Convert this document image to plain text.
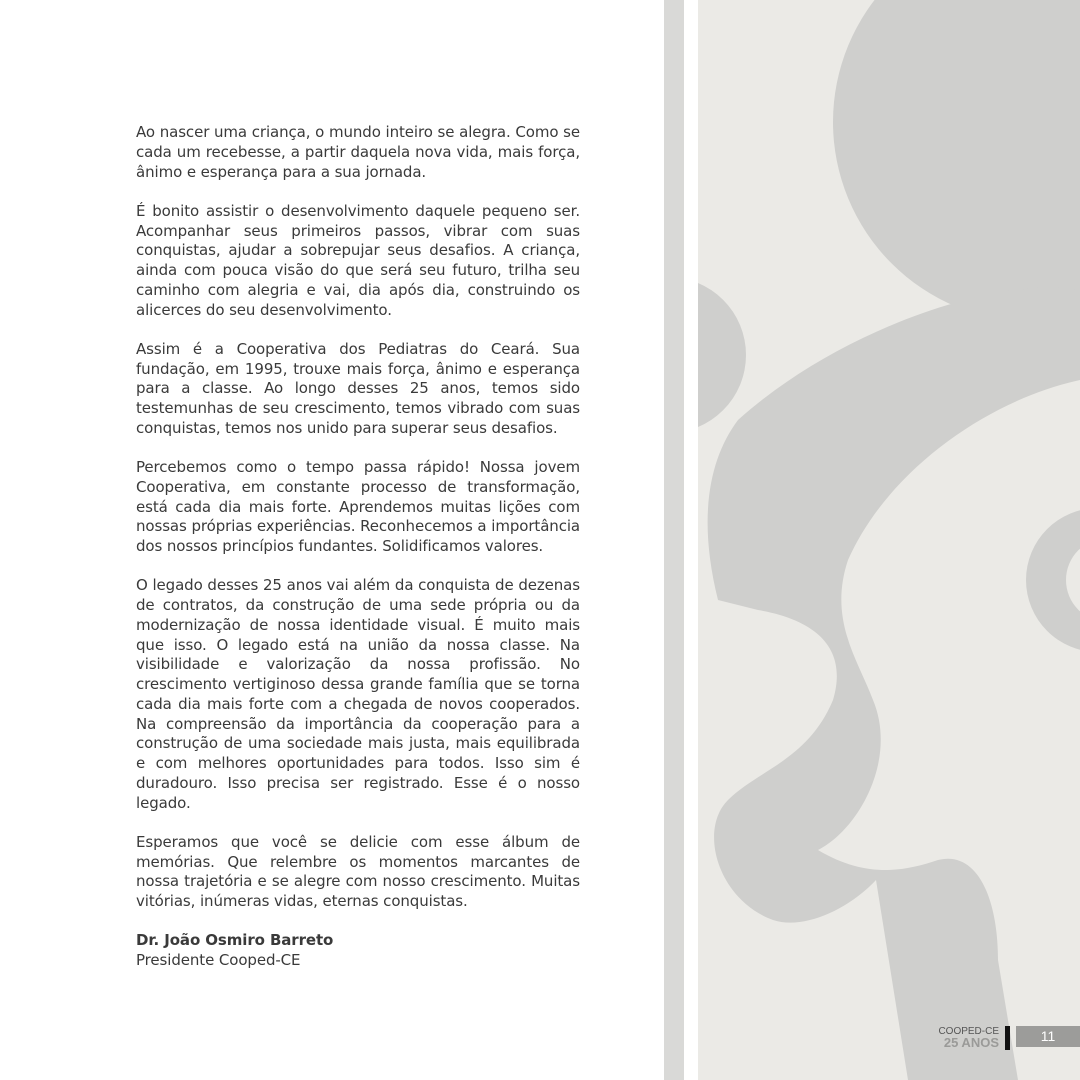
Ao nascer uma criança, o mundo inteiro se alegra. Como se cada um recebesse, a partir daquela nova vida, mais força, ânimo e esperança para a sua jornada.

É bonito assistir o desenvolvimento daquele pequeno ser. Acompanhar seus primeiros passos, vibrar com suas conquistas, ajudar a sobrepujar seus desafios. A criança, ainda com pouca visão do que será seu futuro, trilha seu caminho com alegria e vai, dia após dia, construindo os alicerces do seu desenvolvimento.

Assim é a Cooperativa dos Pediatras do Ceará. Sua fundação, em 1995, trouxe mais força, ânimo e esperança para a classe. Ao longo desses 25 anos, temos sido testemunhas de seu crescimento, temos vibrado com suas conquistas, temos nos unido para superar seus desafios.

Percebemos como o tempo passa rápido! Nossa jovem Cooperativa, em constante processo de transformação, está cada dia mais forte. Aprendemos muitas lições com nossas próprias experiências. Reconhecemos a importância dos nossos princípios fundantes. Solidificamos valores.

O legado desses 25 anos vai além da conquista de dezenas de contratos, da construção de uma sede própria ou da modernização de nossa identidade visual. É muito mais que isso. O legado está na união da nossa classe. Na visibilidade e valorização da nossa profissão. No crescimento vertiginoso dessa grande família que se torna cada dia mais forte com a chegada de novos cooperados. Na compreensão da importância da cooperação para a construção de uma sociedade mais justa, mais equilibrada e com melhores oportunidades para todos. Isso sim é duradouro. Isso precisa ser registrado. Esse é o nosso legado.

Esperamos que você se delicie com esse álbum de memórias. Que relembre os momentos marcantes de nossa trajetória e se alegre com nosso crescimento. Muitas vitórias, inúmeras vidas, eternas conquistas.

Dr. João Osmiro Barreto
Presidente Cooped-CE
COOPED-CE
25 ANOS	11
